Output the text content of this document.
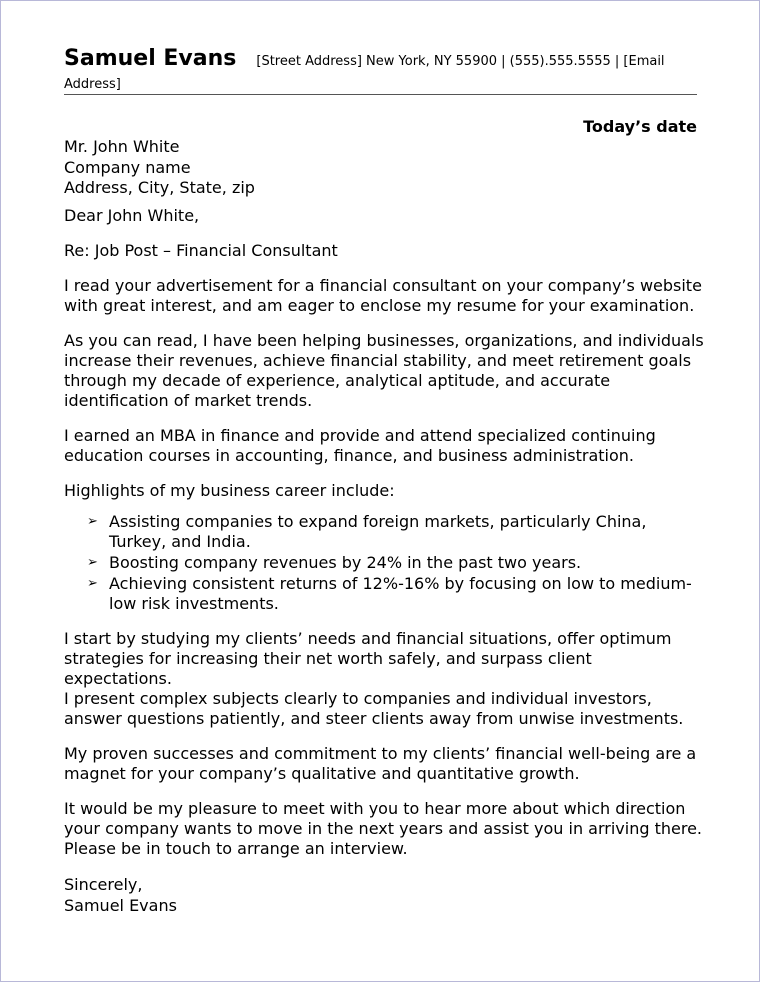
Samuel Evans [Street Address] New York, NY 55900 | (555).555.5555 | [Email Address]
Today’s date
Mr. John White
Company name
Address, City, State, zip

Dear John White,

Re: Job Post – Financial Consultant

I read your advertisement for a financial consultant on your company’s website with great interest, and am eager to enclose my resume for your examination.

As you can read, I have been helping businesses, organizations, and individuals increase their revenues, achieve financial stability, and meet retirement goals through my decade of experience, analytical aptitude, and accurate identification of market trends.

I earned an MBA in finance and provide and attend specialized continuing education courses in accounting, finance, and business administration.

Highlights of my business career include:

➢ Assisting companies to expand foreign markets, particularly China, Turkey, and India.
➢ Boosting company revenues by 24% in the past two years.
➢ Achieving consistent returns of 12%-16% by focusing on low to medium-low risk investments.

I start by studying my clients’ needs and financial situations, offer optimum strategies for increasing their net worth safely, and surpass client expectations.

I present complex subjects clearly to companies and individual investors, answer questions patiently, and steer clients away from unwise investments.

My proven successes and commitment to my clients’ financial well-being are a magnet for your company’s qualitative and quantitative growth.

It would be my pleasure to meet with you to hear more about which direction your company wants to move in the next years and assist you in arriving there.

Please be in touch to arrange an interview.

Sincerely,
Samuel Evans
